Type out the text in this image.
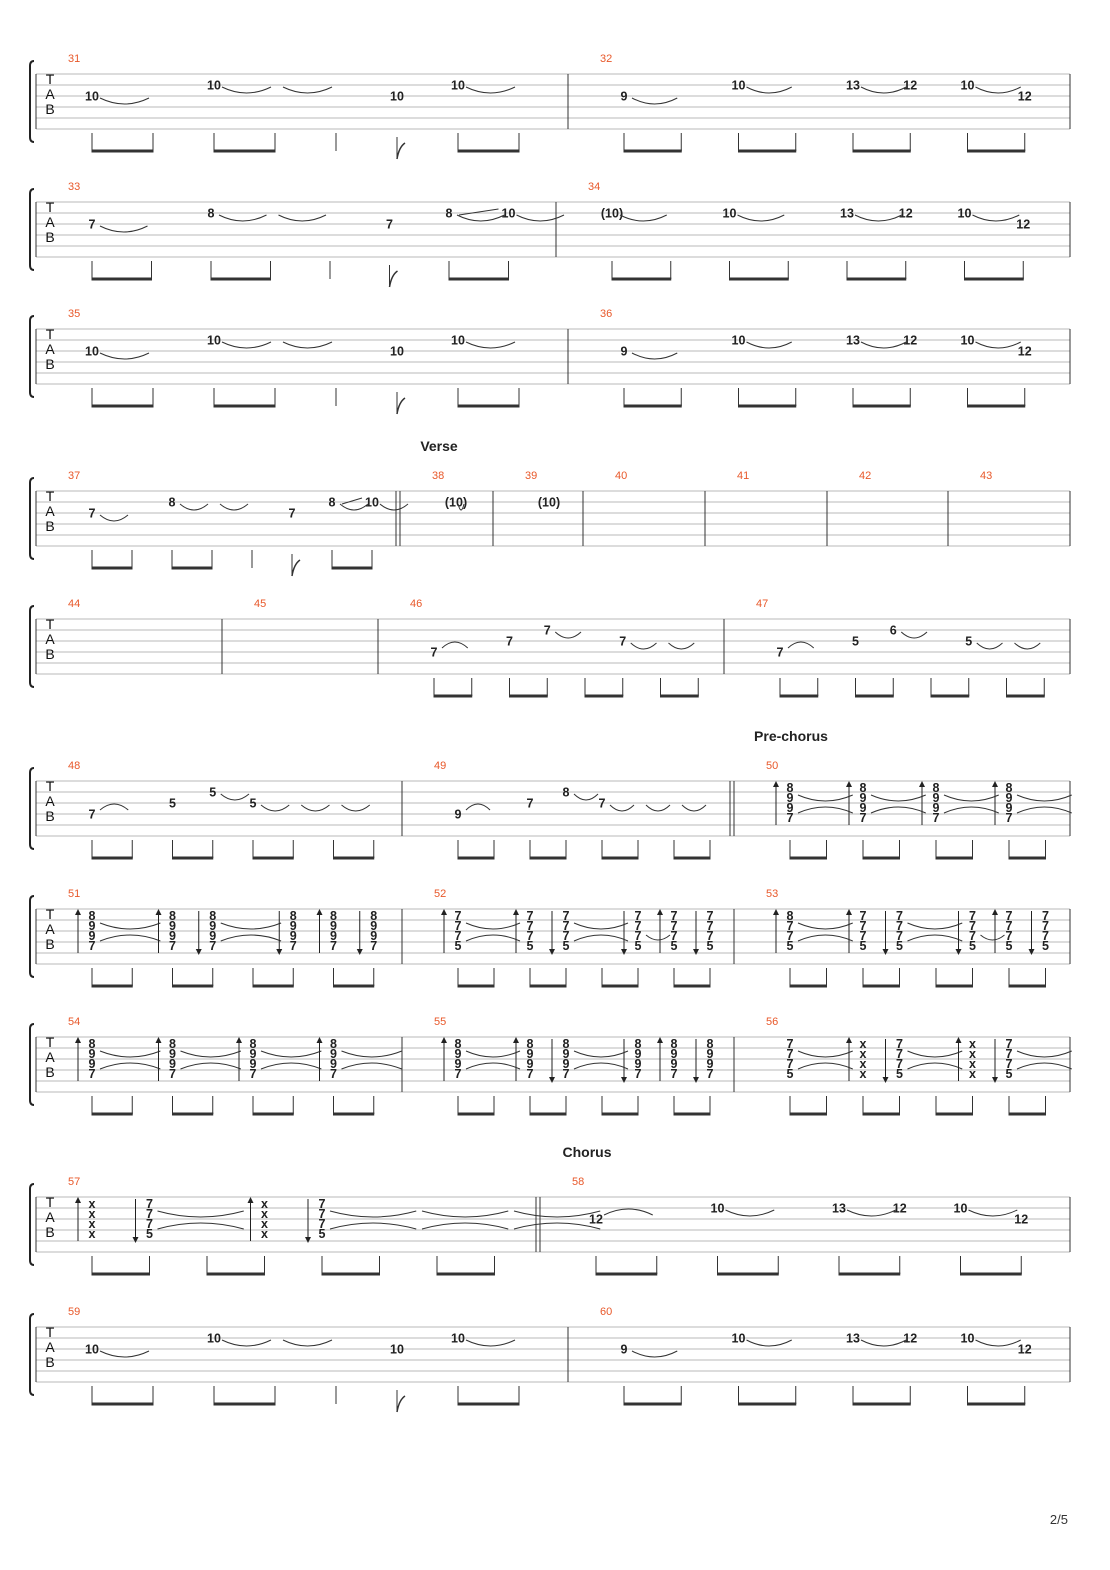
T
A
B
31
10
10
10
10
32
9
10	13	12	10
12
T
A
B
33
7
8
7
8	10
34
(10)	10	13	12	10
12
T
A
B
35
10
10
10
10
36
9
10	13	12	10
12
T
A
B
Verse
37
7
8
7
8 10
38
(10)
39
(10)
40	41	42	43
T
A
B
44	45	46
7
7
7
7
47
7
5
6
5
T
A
B
Pre-chorus
48
7
5
5
5
49
9
7
8
7
50
8
9
9
7
8
9
9
7
8
9
9
7
8
9
9
7
T
A
B
51
8
9
9
7
8
9
9
7
8
9
9
7
8
9
9
7
8
9
9
7
8
9
9
7
52
7
7
7
5
7
7
7
5
7
7
7
5
7
7
7
5
7
7
7
5
7
7
7
5
53
8
7
7
5
7
7
7
5
7
7
7
5
7
7
7
5
7
7
7
5
7
7
7
5
T
A
B
54
8
9
9
7
8
9
9
7
8
9
9
7
8
9
9
7
55
8
9
9
7
8
9
9
7
8
9
9
7
8
9
9
7
8
9
9
7
8
9
9
7
56
7
7
7
5
x
x
x
x
7
7
7
5
x
x
x
x
7
7
7
5
T
A
B
Chorus
57
x
x
x
x
7
7
7
5
x
x
x
x
7
7
7
5
58
12
10	13	12	10
12
T
A
B
59
10
10
10
10
60
9
10	13	12	10
12
2/5
